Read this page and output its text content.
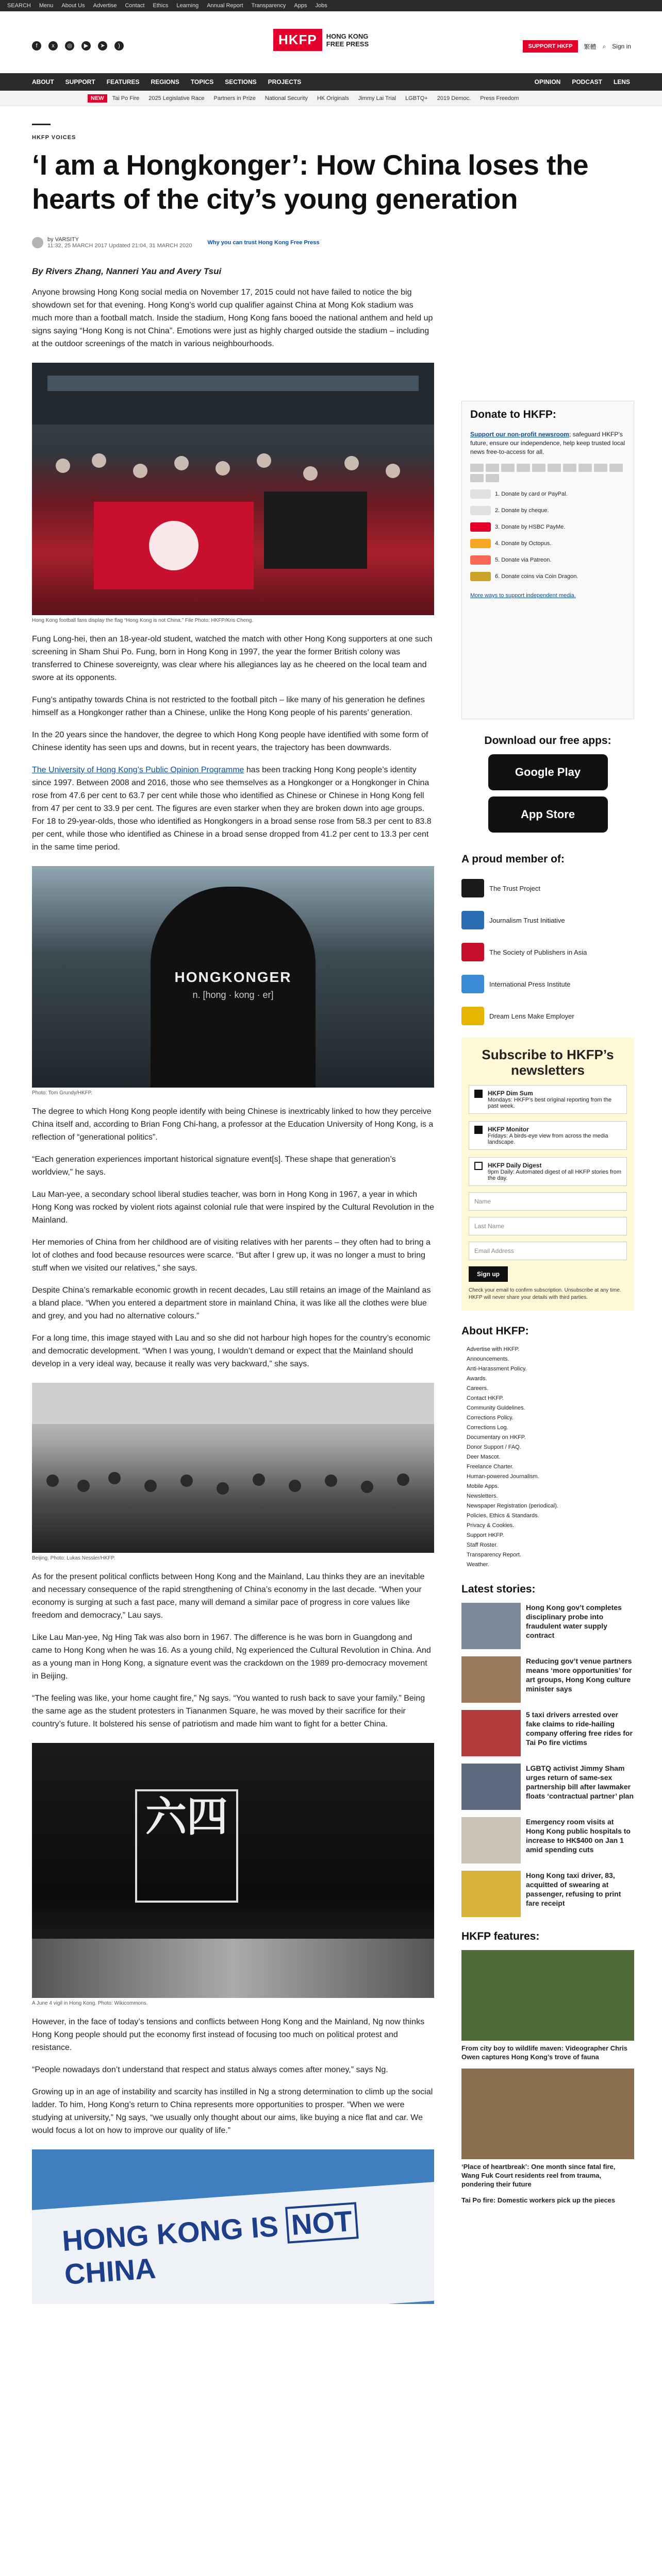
SEARCH Menu About Us Advertise Contact Ethics Learning Annual Report Transparency Apps Jobs
f	x	◎	▶	➤	)	HKFP	HONG KONG
FREE PRESS	SUPPORT HKFP	繁體 ⌕ Sign in
ABOUT SUPPORT FEATURES REGIONS TOPICS SECTIONS PROJECTS	OPINION PODCAST LENS
NEW	Tai Po Fire 2025 Legislative Race Partners in Prize National Security HK Originals Jimmy Lai Trial LGBTQ+ 2019 Democ. Press Freedom
HKFP VOICES
‘I am a Hongkonger’: How China loses the hearts of the city’s young generation
by VARSITY
11:32, 25 MARCH 2017 Updated 21:04, 31 MARCH 2020	Why you can trust Hong Kong Free Press
By Rivers Zhang, Nanneri Yau and Avery Tsui

Anyone browsing Hong Kong social media on November 17, 2015 could not have failed to notice the big showdown set for that evening. Hong Kong’s world cup qualifier against China at Mong Kok stadium was much more than a football match. Inside the stadium, Hong Kong fans booed the national anthem and held up signs saying “Hong Kong is not China”. Emotions were just as highly charged outside the stadium – including at the outdoor screenings of the match in various neighbourhoods.

Hong Kong football fans display the flag “Hong Kong is not China.” File Photo: HKFP/Kris Cheng.

Fung Long-hei, then an 18-year-old student, watched the match with other Hong Kong supporters at one such screening in Sham Shui Po. Fung, born in Hong Kong in 1997, the year the former British colony was transferred to Chinese sovereignty, was clear where his allegiances lay as he cheered on the local team and swore at its opponents.

Fung’s antipathy towards China is not restricted to the football pitch – like many of his generation he defines himself as a Hongkonger rather than a Chinese, unlike the Hong Kong people of his parents’ generation.

In the 20 years since the handover, the degree to which Hong Kong people have identified with some form of Chinese identity has seen ups and downs, but in recent years, the trajectory has been downwards.

The University of Hong Kong’s Public Opinion Programme has been tracking Hong Kong people’s identity since 1997. Between 2008 and 2016, those who see themselves as a Hongkonger or a Hongkonger in China rose from 47.6 per cent to 63.7 per cent while those who identified as Chinese or Chinese in Hong Kong fell from 47 per cent to 33.9 per cent. The figures are even starker when they are broken down into age groups. For 18 to 29-year-olds, those who identified as Hongkongers in a broad sense rose from 58.3 per cent to 83.8 per cent, while those who identified as Chinese in a broad sense dropped from 41.2 per cent to 13.3 per cent in the same time period.

HONGKONGER
n. [hong · kong · er]
Photo: Tom Grundy/HKFP.

The degree to which Hong Kong people identify with being Chinese is inextricably linked to how they perceive China itself and, according to Brian Fong Chi-hang, a professor at the Education University of Hong Kong, is a reflection of “generational politics”.

“Each generation experiences important historical signature event[s]. These shape that generation’s worldview,” he says.

Lau Man-yee, a secondary school liberal studies teacher, was born in Hong Kong in 1967, a year in which Hong Kong was rocked by violent riots against colonial rule that were inspired by the Cultural Revolution in the Mainland.

Her memories of China from her childhood are of visiting relatives with her parents – they often had to bring a lot of clothes and food because resources were scarce. “But after I grew up, it was no longer a must to bring stuff when we visited our relatives,” she says.

Despite China’s remarkable economic growth in recent decades, Lau still retains an image of the Mainland as a bland place. “When you entered a department store in mainland China, it was like all the clothes were blue and grey, and you had no alternative colours.”

For a long time, this image stayed with Lau and so she did not harbour high hopes for the country’s economic and democratic development. “When I was young, I wouldn’t demand or expect that the Mainland should develop in a very ideal way, because it really was very backward,” she says.

Beijing. Photo: Lukas Nessler/HKFP.

As for the present political conflicts between Hong Kong and the Mainland, Lau thinks they are an inevitable and necessary consequence of the rapid strengthening of China’s economy in the last decade. “When your economy is surging at such a fast pace, many will demand a similar pace of progress in core values like freedom and democracy,” Lau says.

Like Lau Man-yee, Ng Hing Tak was also born in 1967. The difference is he was born in Guangdong and came to Hong Kong when he was 16. As a young child, Ng experienced the Cultural Revolution in China. And as a young man in Hong Kong, a signature event was the crackdown on the 1989 pro-democracy movement in Beijing.

“The feeling was like, your home caught fire,” Ng says. “You wanted to rush back to save your family.” Being the same age as the student protesters in Tiananmen Square, he was moved by their sacrifice for their country’s future. It bolstered his sense of patriotism and made him want to fight for a better China.

六四
A June 4 vigil in Hong Kong. Photo: Wikicommons.

However, in the face of today’s tensions and conflicts between Hong Kong and the Mainland, Ng now thinks Hong Kong people should put the economy first instead of focusing too much on political protest and resistance.

“People nowadays don’t understand that respect and status always comes after money,” says Ng.

Growing up in an age of instability and scarcity has instilled in Ng a strong determination to climb up the social ladder. To him, Hong Kong’s return to China represents more opportunities to prosper. “When we were studying at university,” Ng says, “we usually only thought about our aims, like buying a nice flat and car. We would focus a lot on how to improve our quality of life.”

HONG KONG IS NOT CHINA
Donate to HKFP:

Support our non-profit newsroom; safeguard HKFP’s future, ensure our independence, help keep trusted local news free-to-access for all.

1. Donate by card or PayPal.
2. Donate by cheque.
3. Donate by HSBC PayMe.
4. Donate by Octopus.
5. Donate via Patreon.
6. Donate coins via Coin Dragon.
More ways to support independent media.
Download our free apps:
Google Play
App Store
A proud member of:
The Trust Project
Journalism Trust Initiative
The Society of Publishers in Asia
International Press Institute
Dream Lens Make Employer
Subscribe to HKFP’s newsletters
HKFP Dim Sum
Mondays: HKFP’s best original reporting from the past week.
HKFP Monitor
Fridays: A birds-eye view from across the media landscape.
HKFP Daily Digest
9pm Daily: Automated digest of all HKFP stories from the day.
Name
Last Name
Email Address
Sign up
Check your email to confirm subscription. Unsubscribe at any time. HKFP will never share your details with third parties.
About HKFP:
Advertise with HKFP.
Announcements.
Anti-Harassment Policy.
Awards.
Careers.
Contact HKFP.
Community Guidelines.
Corrections Policy.
Corrections Log.
Documentary on HKFP.
Donor Support / FAQ.
Deer Mascot.
Freelance Charter.
Human-powered Journalism.
Mobile Apps.
Newsletters.
Newspaper Registration (periodical).
Policies, Ethics & Standards.
Privacy & Cookies.
Support HKFP.
Staff Roster.
Transparency Report.
Weather.
Latest stories:
Hong Kong gov’t completes disciplinary probe into fraudulent water supply contract
Reducing gov’t venue partners means ‘more opportunities’ for art groups, Hong Kong culture minister says
5 taxi drivers arrested over fake claims to ride-hailing company offering free rides for Tai Po fire victims
LGBTQ activist Jimmy Sham urges return of same-sex partnership bill after lawmaker floats ‘contractual partner’ plan
Emergency room visits at Hong Kong public hospitals to increase to HK$400 on Jan 1 amid spending cuts
Hong Kong taxi driver, 83, acquitted of swearing at passenger, refusing to print fare receipt
HKFP features:
From city boy to wildlife maven: Videographer Chris Owen captures Hong Kong’s trove of fauna
‘Place of heartbreak’: One month since fatal fire, Wang Fuk Court residents reel from trauma, pondering their future
Tai Po fire: Domestic workers pick up the pieces
